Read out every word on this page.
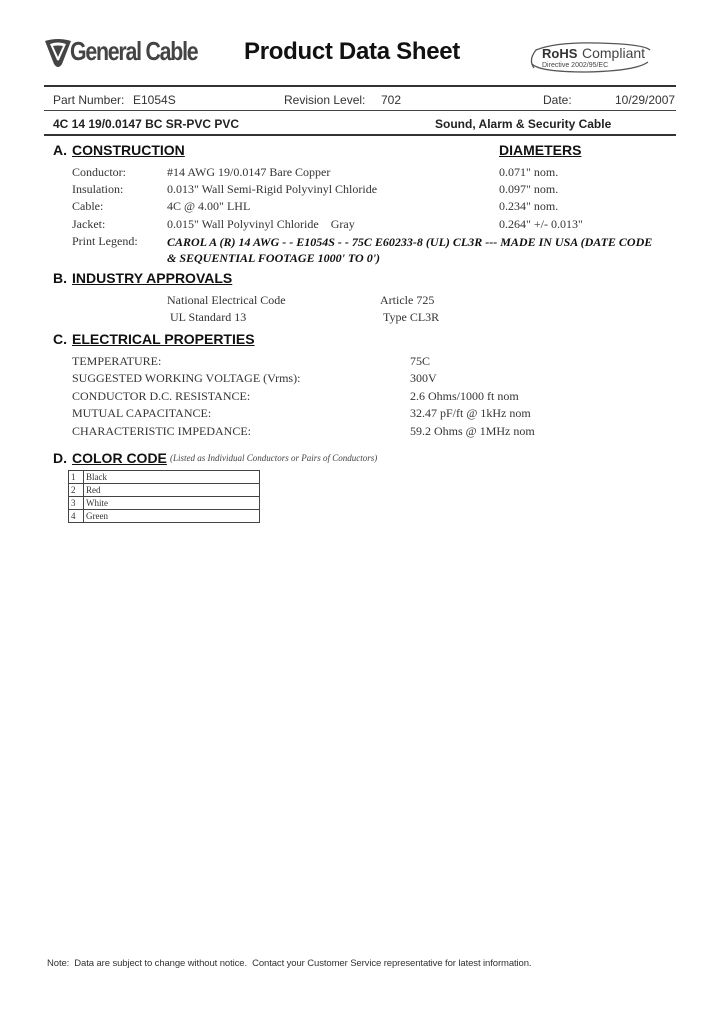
General Cable Product Data Sheet	RoHS Compliant
Directive 2002/95/EC
Part Number: E1054S	Revision Level: 702	Date:	10/29/2007
4C 14 19/0.0147 BC SR-PVC PVC	Sound, Alarm & Security Cable
A. CONSTRUCTION	DIAMETERS
Conductor:	#14 AWG 19/0.0147 Bare Copper	0.071" nom.
Insulation:	0.013" Wall Semi-Rigid Polyvinyl Chloride	0.097" nom.
Cable:	4C @ 4.00" LHL	0.234" nom.
Jacket:	0.015" Wall Polyvinyl Chloride    Gray	0.264" +/- 0.013"
Print Legend: CAROL A (R) 14 AWG - - E1054S - - 75C E60233-8 (UL) CL3R --- MADE IN USA (DATE CODE
& SEQUENTIAL FOOTAGE 1000' TO 0')
B. INDUSTRY APPROVALS
National Electrical Code	Article 725
UL Standard 13	Type CL3R
C. ELECTRICAL PROPERTIES
TEMPERATURE:	75C
SUGGESTED WORKING VOLTAGE (Vrms):	300V
CONDUCTOR D.C. RESISTANCE:	2.6 Ohms/1000 ft nom
MUTUAL CAPACITANCE:	32.47 pF/ft @ 1kHz nom
CHARACTERISTIC IMPEDANCE:	59.2 Ohms @ 1MHz nom
D. COLOR CODE (Listed as Individual Conductors or Pairs of Conductors)
1	Black
2	Red
3	White
4	Green
Note:  Data are subject to change without notice.  Contact your Customer Service representative for latest information.
